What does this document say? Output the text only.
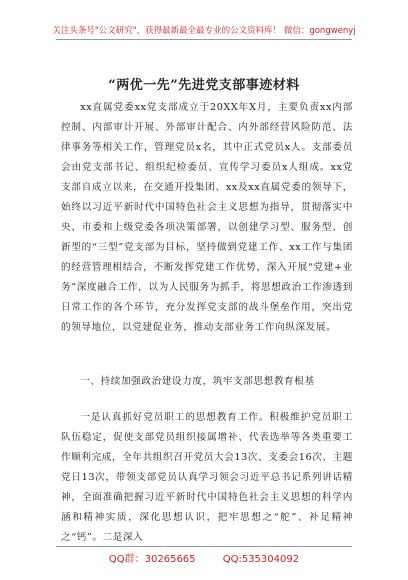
关注头条号"公文研究"，获得最新最全最专业的公文资料库！ 微信：gongwenyj
“两优一先”先进党支部事迹材料
xx直属党委xx党支部成立于20XX年X月，主要负责xx内部控制、内部审计开展、外部审计配合、内外部经营风险防范、法律事务等相关工作，管理党员x名，其中正式党员x人。支部委员会由党支部书记、组织纪检委员、宣传学习委员x人组成。xx党支部自成立以来，在交通开投集团、xx及xx直属党委的领导下，始终以习近平新时代中国特色社会主义思想为指导，贯彻落实中央、市委和上级党委各项决策部署，以创建学习型、服务型、创新型的“三型”党支部为目标，坚持做到党建工作、xx工作与集团的经营管理相结合，不断发挥党建工作优势，深入开展“党建+业务”深度融合工作，以为人民服务为抓手，将思想政治工作渗透到日常工作的各个环节，充分发挥党支部的战斗堡垒作用，突出党的领导地位，以党建促业务，推动支部业务工作向纵深发展。
一、持续加强政治建设力度，筑牢支部思想教育根基
一是认真抓好党员职工的思想教育工作。积极维护党员职工队伍稳定，促使支部党员组织接属增补、代表选举等各类重要工作顺利完成，全年共组织召开党员大会13次、支委会16次、主题党日13次，带领支部党员认真学习领会习近平总书记系列讲话精神，全面准确把握习近平新时代中国特色社会主义思想的科学内涵和精神实质，深化思想认识，把牢思想之“舵”、补足精神之“钙”。二是深入
QQ群：30265665	QQ:535304092
